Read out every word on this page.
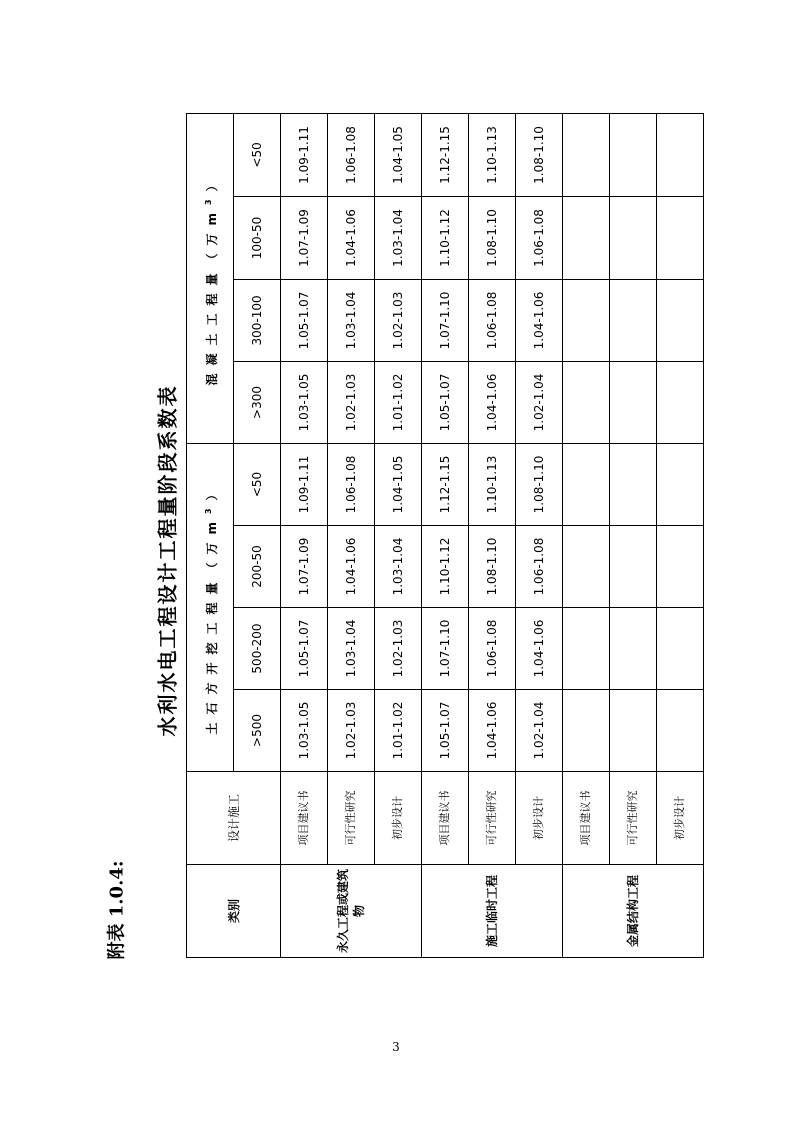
附表 1.0.4:
水利水电工程设计工程量阶段系数表
类别	设计施工	土石方开挖工程量（万$m^3$）				混凝土工程量（万$m^3$）			
		>500	500-200	200-50	<50	>300	300-100	100-50	<50
永久工程或建筑物	项目建议书	1.03-1.05	1.05-1.07	1.07-1.09	1.09-1.11	1.03-1.05	1.05-1.07	1.07-1.09	1.09-1.11
	可行性研究	1.02-1.03	1.03-1.04	1.04-1.06	1.06-1.08	1.02-1.03	1.03-1.04	1.04-1.06	1.06-1.08
	初步设计	1.01-1.02	1.02-1.03	1.03-1.04	1.04-1.05	1.01-1.02	1.02-1.03	1.03-1.04	1.04-1.05
施工临时工程	项目建议书	1.05-1.07	1.07-1.10	1.10-1.12	1.12-1.15	1.05-1.07	1.07-1.10	1.10-1.12	1.12-1.15
	可行性研究	1.04-1.06	1.06-1.08	1.08-1.10	1.10-1.13	1.04-1.06	1.06-1.08	1.08-1.10	1.10-1.13
	初步设计	1.02-1.04	1.04-1.06	1.06-1.08	1.08-1.10	1.02-1.04	1.04-1.06	1.06-1.08	1.08-1.10
金属结构工程	项目建议书								
	可行性研究								
	初步设计								
3
